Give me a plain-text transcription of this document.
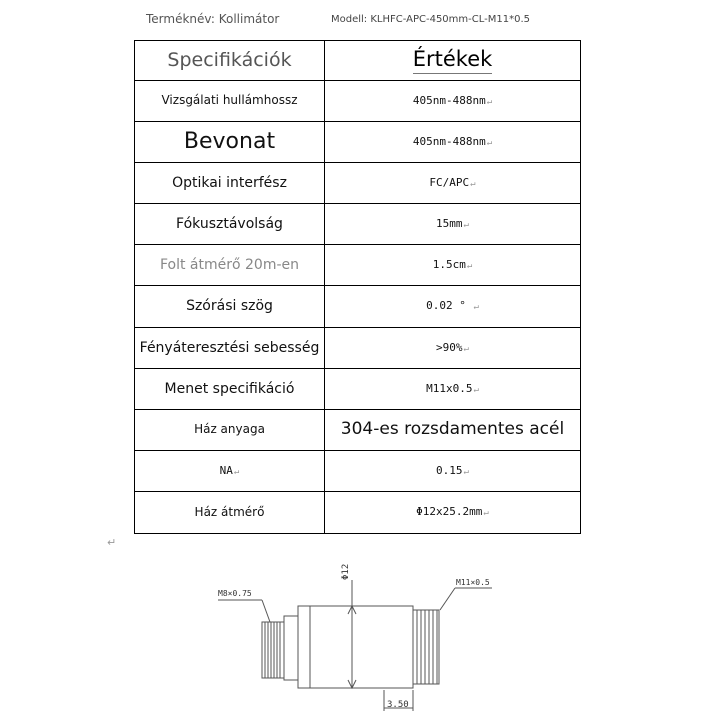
Terméknév: Kollimátor	Modell: KLHFC-APC-450mm-CL-M11*0.5
Specifikációk	Értékek
Vizsgálati hullámhossz	405nm-488nm↵
Bevonat	405nm-488nm↵
Optikai interfész	FC/APC↵
Fókusztávolság	15mm↵
Folt átmérő 20m-en	1.5cm↵
Szórási szög	0.02 ° ↵
Fényáteresztési sebesség	>90%↵
Menet specifikáció	M11x0.5↵
Ház anyaga	304-es rozsdamentes acél
NA↵	0.15↵
Ház átmérő	Φ12x25.2mm↵
↵
M8×0.75
Φ12
M11×0.5
3.50
